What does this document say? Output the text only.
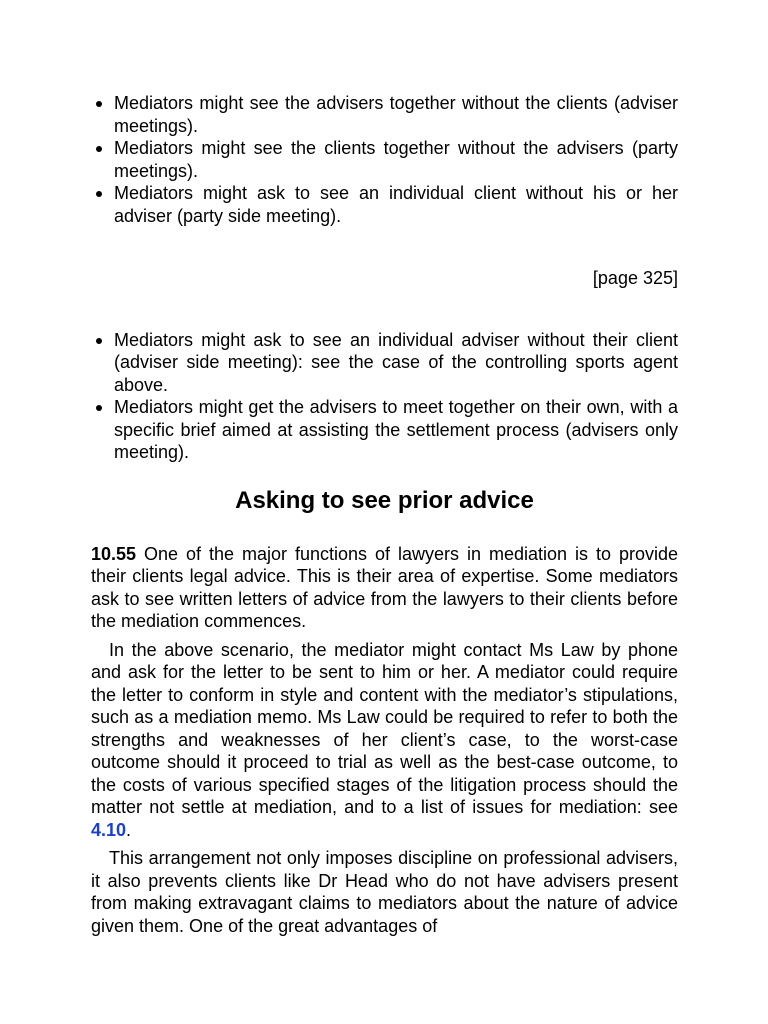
Mediators might see the advisers together without the clients (adviser meetings).
Mediators might see the clients together without the advisers (party meetings).
Mediators might ask to see an individual client without his or her adviser (party side meeting).
[page 325]
Mediators might ask to see an individual adviser without their client (adviser side meeting): see the case of the controlling sports agent above.
Mediators might get the advisers to meet together on their own, with a specific brief aimed at assisting the settlement process (advisers only meeting).
Asking to see prior advice

10.55 One of the major functions of lawyers in mediation is to provide their clients legal advice. This is their area of expertise. Some mediators ask to see written letters of advice from the lawyers to their clients before the mediation commences.

In the above scenario, the mediator might contact Ms Law by phone and ask for the letter to be sent to him or her. A mediator could require the letter to conform in style and content with the mediator’s stipulations, such as a mediation memo. Ms Law could be required to refer to both the strengths and weaknesses of her client’s case, to the worst-case outcome should it proceed to trial as well as the best-case outcome, to the costs of various specified stages of the litigation process should the matter not settle at mediation, and to a list of issues for mediation: see 4.10.

This arrangement not only imposes discipline on professional advisers, it also prevents clients like Dr Head who do not have advisers present from making extravagant claims to mediators about the nature of advice given them. One of the great advantages of
